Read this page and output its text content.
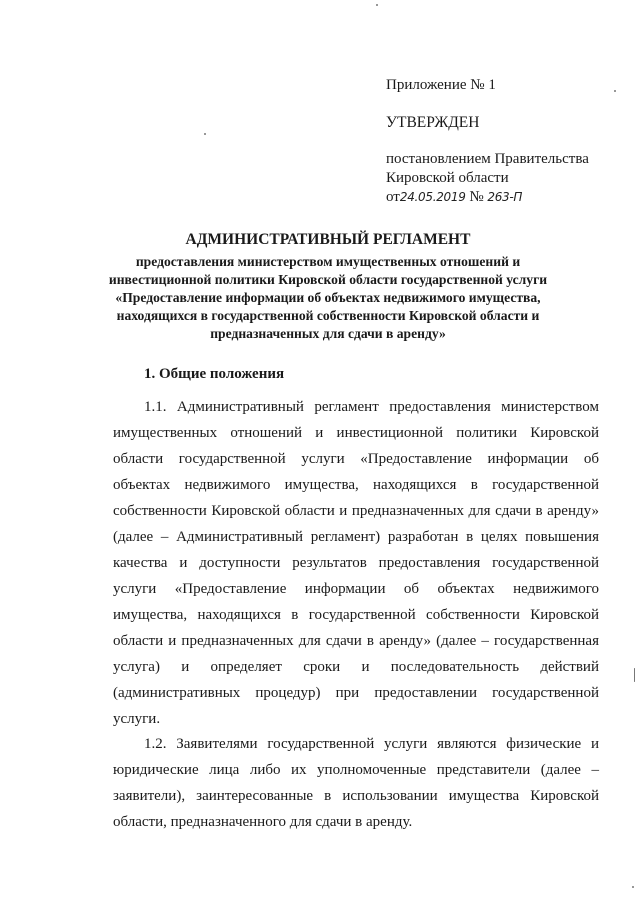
Приложение № 1

УТВЕРЖДЕН

постановлением Правительства

Кировской области

от24.05.2019 № 263-П

АДМИНИСТРАТИВНЫЙ РЕГЛАМЕНТ

предоставления министерством имущественных отношений и инвестиционной политики Кировской области государственной услуги «Предоставление информации об объектах недвижимого имущества, находящихся в государственной собственности Кировской области и предназначенных для сдачи в аренду»

1. Общие положения

1.1. Административный регламент предоставления министерством имущественных отношений и инвестиционной политики Кировской области государственной услуги «Предоставление информации об объектах недвижимого имущества, находящихся в государственной собственности Кировской области и предназначенных для сдачи в аренду» (далее – Административный регламент) разработан в целях повышения качества и доступности результатов предоставления государственной услуги «Предоставление информации об объектах недвижимого имущества, находящихся в государственной собственности Кировской области и предназначенных для сдачи в аренду» (далее – государственная услуга) и определяет сроки и последовательность действий (административных процедур) при предоставлении государственной услуги.

1.2. Заявителями государственной услуги являются физические и юридические лица либо их уполномоченные представители (далее – заявители), заинтересованные в использовании имущества Кировской области, предназначенного для сдачи в аренду.
